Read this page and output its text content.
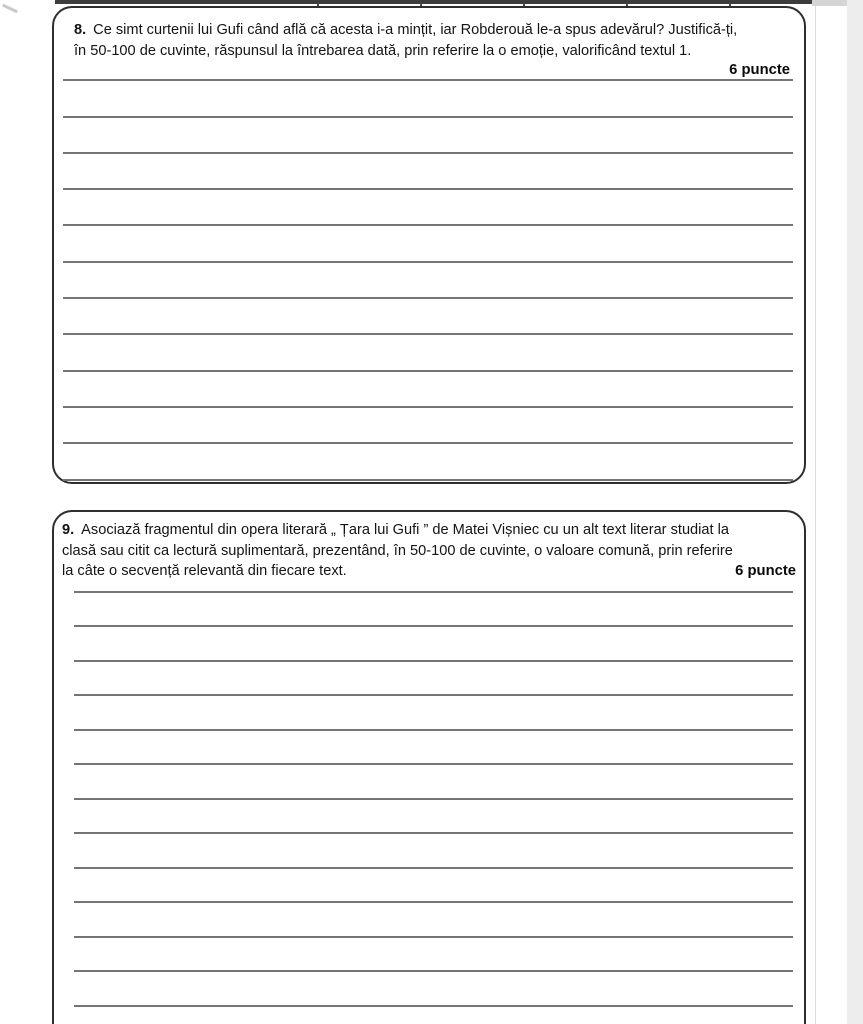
8. Ce simt curtenii lui Gufi când află că acesta i-a mințit, iar Robderouă le-a spus adevărul? Justifică-ți,
în 50-100 de cuvinte, răspunsul la întrebarea dată, prin referire la o emoție, valorificând textul 1.
6 puncte
9. Asociază fragmentul din opera literară „ Țara lui Gufi ” de Matei Vișniec cu un alt text literar studiat la
clasă sau citit ca lectură suplimentară, prezentând, în 50-100 de cuvinte, o valoare comună, prin referire
la câte o secvență relevantă din fiecare text.	6 puncte
